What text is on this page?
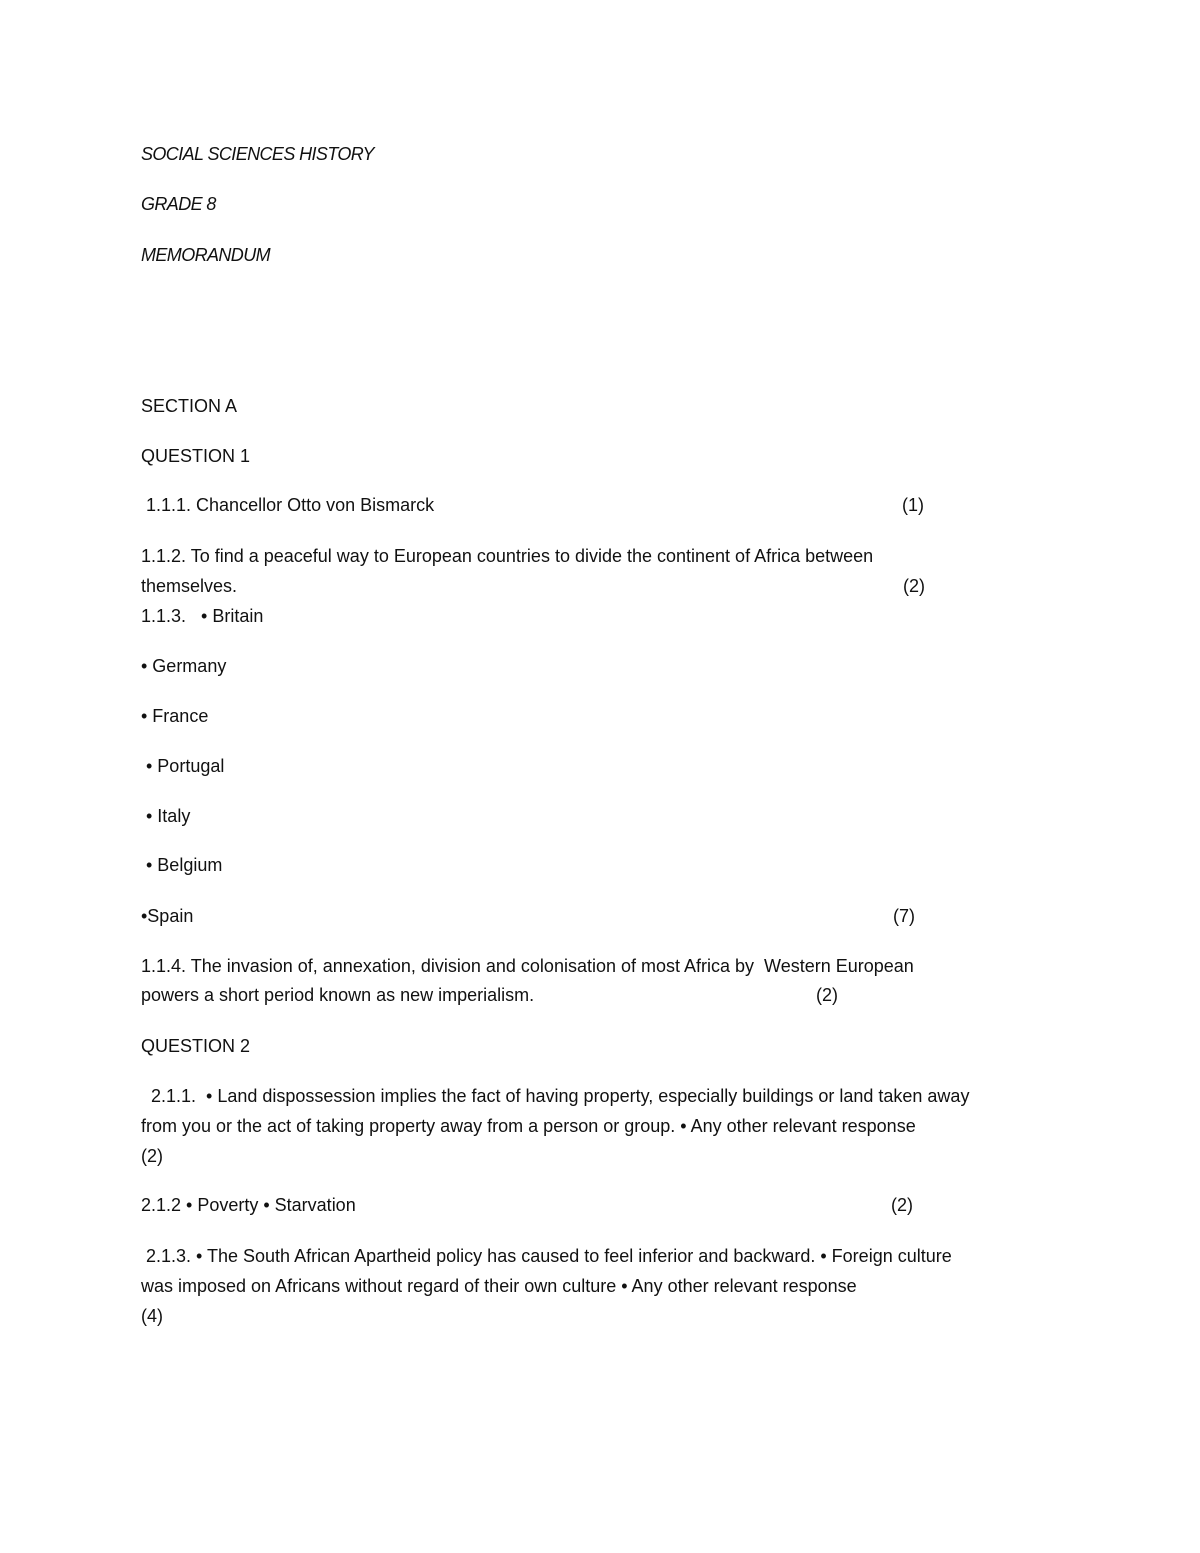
SOCIAL SCIENCES HISTORY

GRADE 8

MEMORANDUM

SECTION A

QUESTION 1

1.1.1. Chancellor Otto von Bismarck	(1)

1.1.2. To find a peaceful way to European countries to divide the continent of Africa between

themselves.	(2)

1.1.3.   • Britain

• Germany

• France

• Portugal

• Italy

• Belgium

•Spain	(7)

1.1.4. The invasion of, annexation, division and colonisation of most Africa by  Western European

powers a short period known as new imperialism.	(2)

QUESTION 2

2.1.1.  • Land dispossession implies the fact of having property, especially buildings or land taken away

from you or the act of taking property away from a person or group. • Any other relevant response

(2)

2.1.2 • Poverty • Starvation	(2)

2.1.3. • The South African Apartheid policy has caused to feel inferior and backward. • Foreign culture

was imposed on Africans without regard of their own culture • Any other relevant response

(4)
